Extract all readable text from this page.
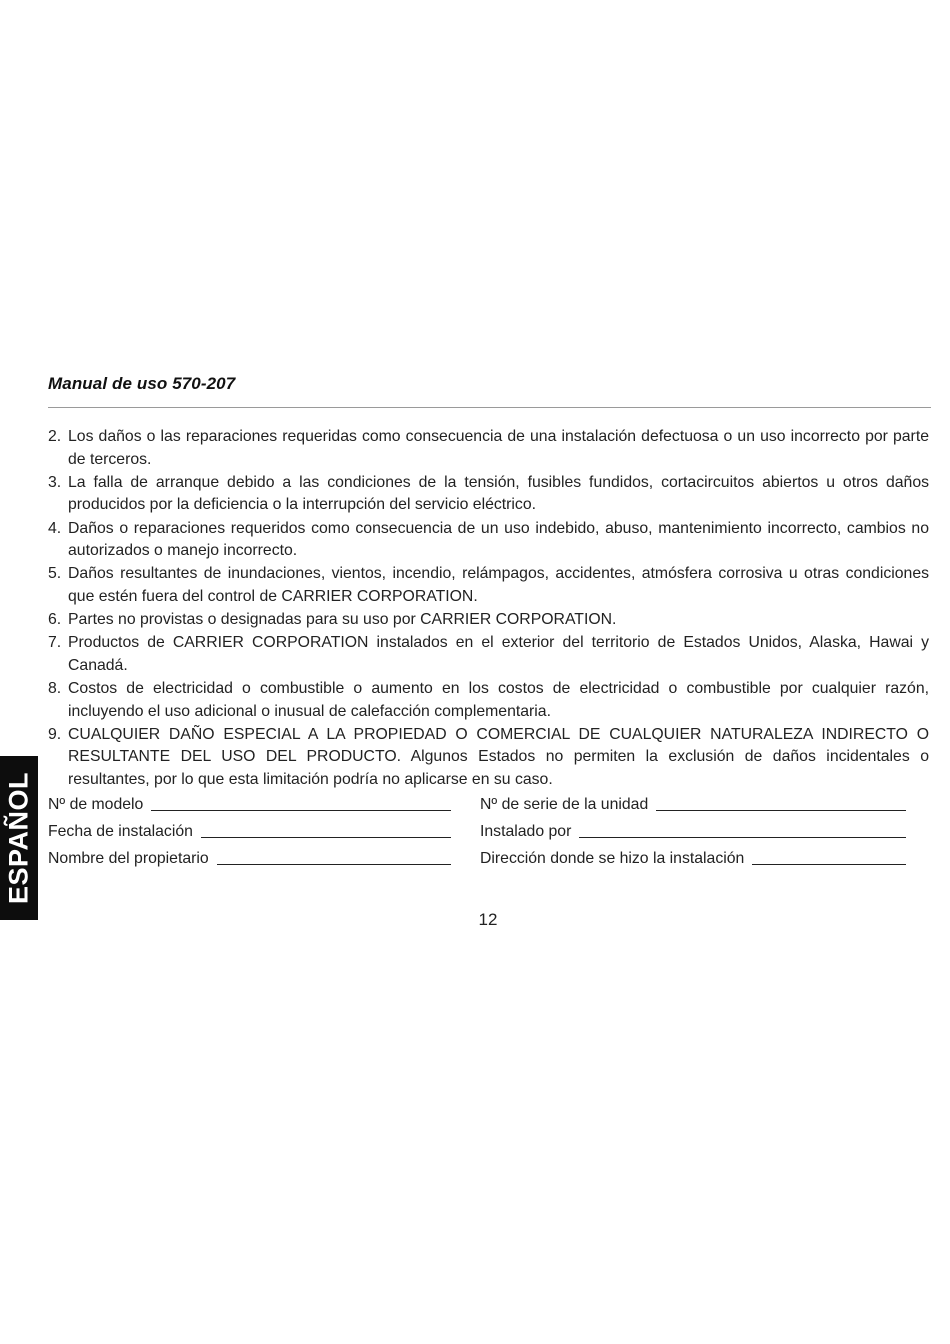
Manual de uso 570-207
2. Los daños o las reparaciones requeridas como consecuencia de una instalación defectuosa o un uso incorrecto por parte de terceros.
3. La falla de arranque debido a las condiciones de la tensión, fusibles fundidos, cortacircuitos abiertos u otros daños producidos por la deficiencia o la interrupción del servicio eléctrico.
4. Daños o reparaciones requeridos como consecuencia de un uso indebido, abuso, mantenimiento incorrecto, cambios no autorizados o manejo incorrecto.
5. Daños resultantes de inundaciones, vientos, incendio, relámpagos, accidentes, atmósfera corrosiva u otras condiciones que estén fuera del control de CARRIER CORPORATION.
6. Partes no provistas o designadas para su uso por CARRIER CORPORATION.
7. Productos de CARRIER CORPORATION instalados en el exterior del territorio de Estados Unidos, Alaska, Hawai y Canadá.
8. Costos de electricidad o combustible o aumento en los costos de electricidad o combustible por cualquier razón, incluyendo el uso adicional o inusual de calefacción complementaria.
9. CUALQUIER DAÑO ESPECIAL A LA PROPIEDAD O COMERCIAL DE CUALQUIER NATURALEZA INDIRECTO O RESULTANTE DEL USO DEL PRODUCTO. Algunos Estados no permiten la exclusión de daños incidentales o resultantes, por lo que esta limitación podría no aplicarse en su caso.
Nº de modelo	Nº de serie de la unidad
Fecha de instalación	Instalado por
Nombre del propietario	Dirección donde se hizo la instalación
ESPAÑOL
12
